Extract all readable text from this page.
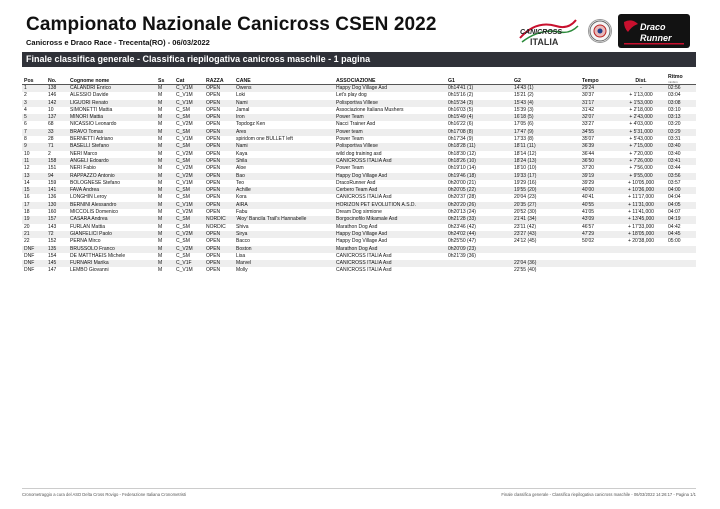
Campionato Nazionale Canicross CSEN 2022
Canicross e Draco Race - Trecenta(RO) - 06/03/2022
CANICROSS
ITALIA
Draco
Runner
Finale classifica generale - Classifica riepilogativa canicross maschile - 1 pagina
Pos	No.	Cognome nome	Ss	Cat	RAZZA	CANE	ASSOCIAZIONE	G1	G2	Tempo	Dist.	Ritmo
min/km

1	138	CALANDRI Enrico	M	C_V1M	OPEN	Owens	Happy Dog Village Asd	0h14'41 (1)	14'43 (1)	29'24	-	02:56
2	146	ALESSIO Davide	M	C_V1M	OPEN	Loki	Let's play dog	0h15'16 (2)	15'21 (2)	30'37	+ 1'13,000	03:04
3	142	LIGUORI Renato	M	C_V1M	OPEN	Nami	Polisportiva Villese	0h15'34 (3)	15'43 (4)	31'17	+ 1'53,000	03:08
4	10	SIMONETTI Mattia	M	C_SM	OPEN	Jamal	Associazione Italiana Mushers	0h16'03 (5)	15'39 (3)	31'42	+ 2'18,000	03:10
5	137	MINORI Mattia	M	C_SM	OPEN	Iron	Power Team	0h15'49 (4)	16'18 (5)	32'07	+ 2'43,000	03:13
6	68	NICASSIO Leonardo	M	C_V2M	OPEN	Topdogz Ken	Nacci Trainer Asd	0h16'22 (6)	17'05 (6)	33'27	+ 4'03,000	03:20
7	33	BRAVO Tomas	M	C_SM	OPEN	Ares	Power team	0h17'08 (8)	17'47 (9)	34'55	+ 5'31,000	03:29
8	28	BERNETTI Adriano	M	C_V1M	OPEN	spiridom one BULLET left	Power Team	0h17'34 (9)	17'33 (8)	35'07	+ 5'43,000	03:31
9	71	BASELLI Stefano	M	C_SM	OPEN	Nami	Polisportiva Villese	0h18'28 (11)	18'11 (11)	36'39	+ 7'15,000	03:40
10	2	NERI Marco	M	C_V2M	OPEN	Kaya	wild dog training asd	0h18'30 (12)	18'14 (12)	36'44	+ 7'20,000	03:40
11	158	ANGELI Edoardo	M	C_SM	OPEN	Shila	CANICROSS ITALIA Asd	0h18'26 (10)	18'24 (13)	36'50	+ 7'26,000	03:41
12	151	NERI Fabio	M	C_V2M	OPEN	Aloe	Power Team	0h19'10 (14)	18'10 (10)	37'20	+ 7'56,000	03:44
13	94	RAPPAZZO Antonio	M	C_V2M	OPEN	Bao	Happy Dog Village Asd	0h19'46 (18)	19'33 (17)	39'19	+ 9'55,000	03:56
14	159	BOLOGNESE Stefano	M	C_V1M	OPEN	Teo	DracoRunner Asd	0h20'00 (21)	19'29 (16)	39'29	+ 10'05,000	03:57
15	141	FAVA Andrea	M	C_SM	OPEN	Achille	Cerbero Team Asd	0h20'05 (22)	19'55 (20)	40'00	+ 10'36,000	04:00
16	136	LONGHIN Leroy	M	C_SM	OPEN	Kora	CANICROSS ITALIA Asd	0h20'37 (28)	20'04 (23)	40'41	+ 11'17,000	04:04
17	130	BERNINI Alessandro	M	C_V1M	OPEN	AIRA	HORIZON PET EVOLUTION A.S.D.	0h20'20 (26)	20'35 (27)	40'55	+ 11'31,000	04:05
18	160	MICCOLIS Domenico	M	C_V2M	OPEN	Fabu	Dream Dog sirmione	0h20'13 (24)	20'52 (30)	41'05	+ 11'41,000	04:07
19	157	CASARA Andrea	M	C_SM	NORDIC	'Aloy' Bancila Trail's Hannabelle	Borgocinofilo Mikamale Asd	0h21'28 (33)	21'41 (34)	43'09	+ 13'45,000	04:19
20	143	FURLAN Mattia	M	C_SM	NORDIC	Shiva	Marathon Dog Asd	0h23'46 (42)	23'11 (42)	46'57	+ 17'33,000	04:42
21	72	GIANFELICI Paolo	M	C_V2M	OPEN	Sirya	Happy Dog Village Asd	0h24'02 (44)	23'27 (43)	47'29	+ 18'05,000	04:45
22	152	PERNA Mirco	M	C_SM	OPEN	Bacco	Happy Dog Village Asd	0h25'50 (47)	24'12 (45)	50'02	+ 20'38,000	05:00
DNF	135	BRUSSOLO Franco	M	C_V2M	OPEN	Boston	Marathon Dog Asd	0h20'09 (23)				
DNF	154	DE MATTHAEIS Michele	M	C_SM	OPEN	Lisa	CANICROSS ITALIA Asd	0h21'39 (36)				
DNF	145	FURNARI Marika	M	C_V1F	OPEN	Marvel	CANICROSS ITALIA Asd		22'04 (36)			
DNF	147	LEMBO Giovanni	M	C_V1M	OPEN	Molly	CANICROSS ITALIA Asd		22'55 (40)			
Cronometraggio a cura del ASD Delta Cross Rovigo - Federazione Italiana Cronometristi	Finale classifica generale - Classifica riepilogativa canicross maschile - 06/03/2022 14:26:17 - Pagina 1/1
